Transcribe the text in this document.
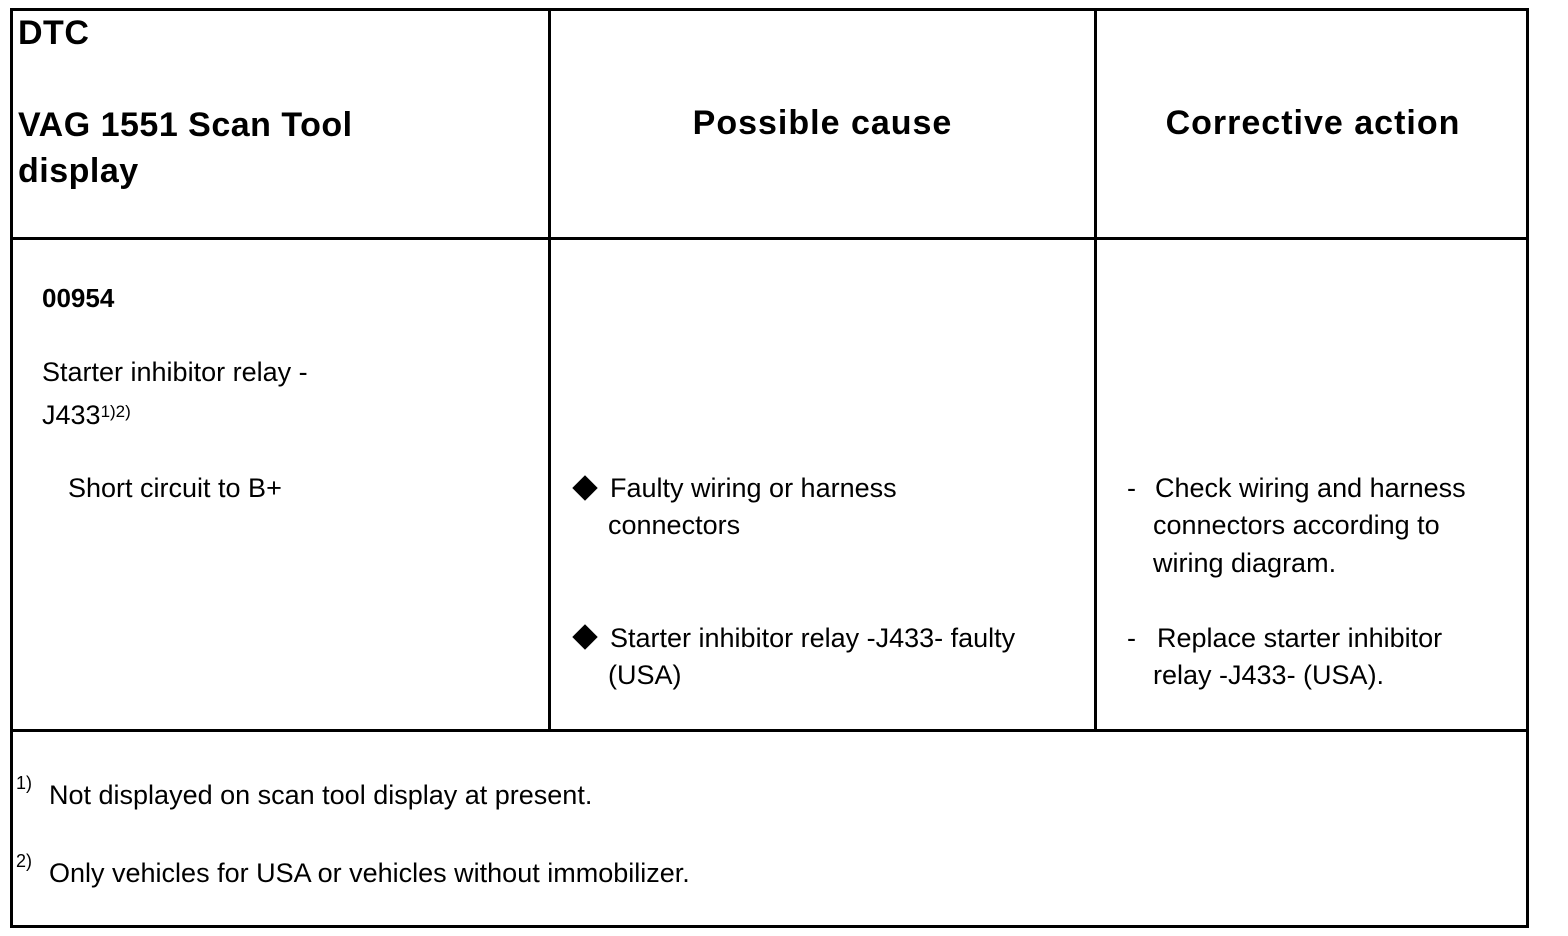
DTC
VAG 1551 Scan Tool
display
Possible cause	Corrective action
00954
Starter inhibitor relay -
$J433^{1)2)}$
Short circuit to B+	Faulty wiring or harness
connectors
Starter inhibitor relay -J433- faulty
(USA)
- Check wiring and harness
connectors according to
wiring diagram.
- Replace starter inhibitor
relay -J433- (USA).
1) Not displayed on scan tool display at present.
2) Only vehicles for USA or vehicles without immobilizer.
